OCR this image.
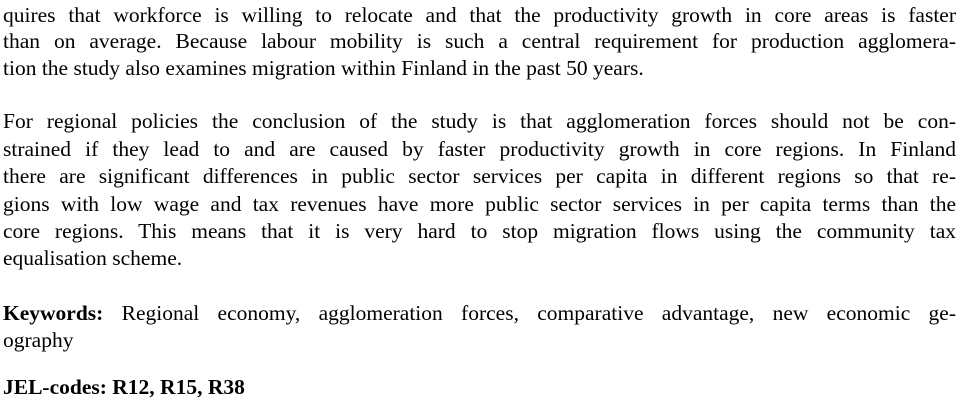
quires that workforce is willing to relocate and that the productivity growth in core areas is faster
than on average. Because labour mobility is such a central requirement for production agglomera-
tion the study also examines migration within Finland in the past 50 years.
For regional policies the conclusion of the study is that agglomeration forces should not be con-
strained if they lead to and are caused by faster productivity growth in core regions. In Finland
there are significant differences in public sector services per capita in different regions so that re-
gions with low wage and tax revenues have more public sector services in per capita terms than the
core regions. This means that it is very hard to stop migration flows using the community tax
equalisation scheme.
Keywords: Regional economy, agglomeration forces, comparative advantage, new economic ge-
ography
JEL-codes: R12, R15, R38
